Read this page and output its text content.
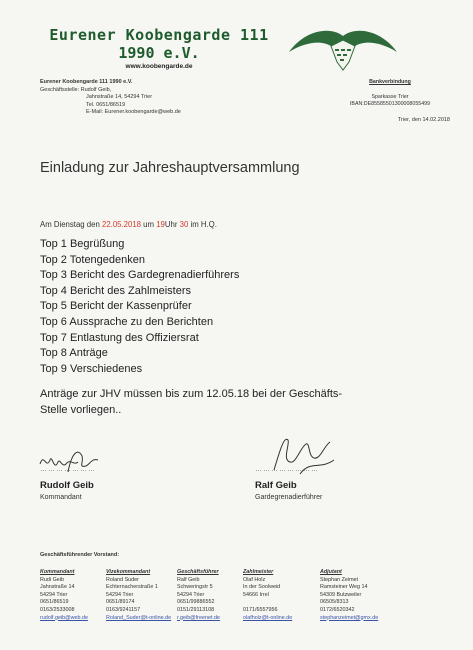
Eurener Koobengarde 111
1990 e.V.
www.koobengarde.de
Eurener Koobengarde 111 1990 e.V.
Geschäftsstelle: Rudolf Geib,
Jahnstraße 14, 54294 Trier
Tel. 0651/86519
E-Mail: Eurener.koobengarde@web.de
Bankverbindung
Sparkasse Trier
IBAN:DE85585501300008055499
Trier, den 14.02.2018
Einladung zur Jahreshauptversammlung
Am Dienstag den 22.05.2018 um 19Uhr 30 im H.Q.
Top 1 Begrüßung
Top 2 Totengedenken
Top 3 Bericht des Gardegrenadierführers
Top 4 Bericht des Zahlmeisters
Top 5 Bericht der Kassenprüfer
Top 6 Aussprache zu den Berichten
Top 7 Entlastung des Offiziersrat
Top 8 Anträge
Top 9 Verschiedenes
Anträge zur JHV müssen bis zum 12.05.18 bei der Geschäfts-
Stelle vorliegen..
…………………
Rudolf Geib
Kommandant
……………………
Ralf Geib
Gardegrenadierführer
Geschäftsführender Vorstand:
Kommandant
Rudi Geib
Jahnstraße 14
54294 Trier
0651/86519
0163/2533008
rudolf.geib@web.de
Vizekommandant
Roland Suder
Echternacherstraße 1
54294 Trier
0651/89174
0163/9241157
Roland_Suder@t-online.de
Geschäftsführer
Ralf Geib
Schweringstr 5
54294 Trier
0651/99886552
0151/29113108
r.geib@freenet.de
Zahlmeister
Olaf Holz
In der Soolweid
54666 Irrel
0171/6557956
olafholz@t-online.de
Adjutant
Stephan Zeimet
Ramsteiner Weg 14
54309 Butzweiler
06505/8313
0172/6520342
stephanzeimet@gmx.de
